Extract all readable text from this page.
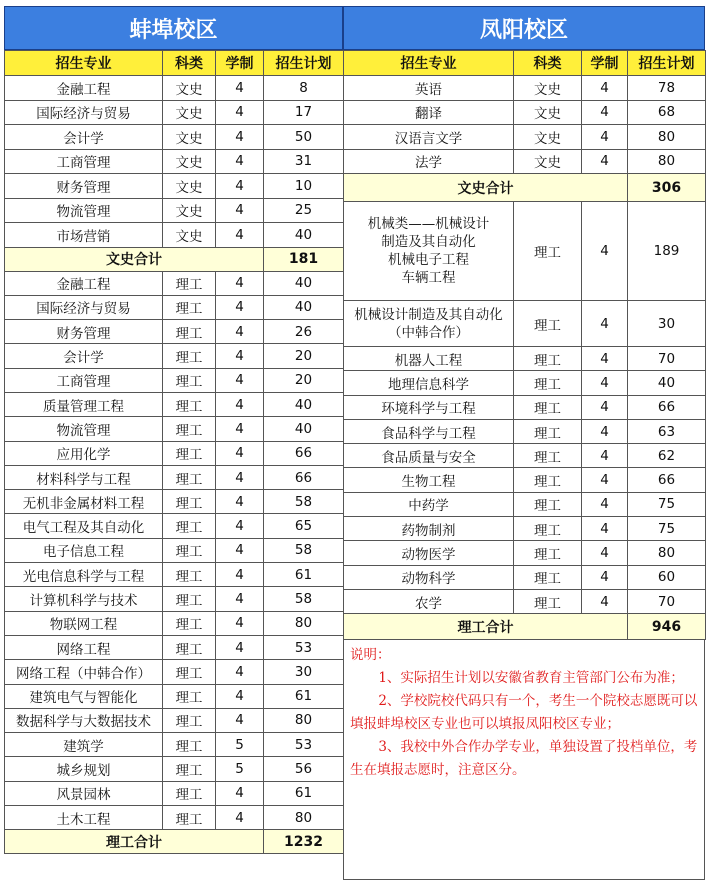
蚌埠校区
招生专业	科类	学制	招生计划
金融工程	文史	4	8
国际经济与贸易	文史	4	17
会计学	文史	4	50
工商管理	文史	4	31
财务管理	文史	4	10
物流管理	文史	4	25
市场营销	文史	4	40
文史合计			181
金融工程	理工	4	40
国际经济与贸易	理工	4	40
财务管理	理工	4	26
会计学	理工	4	20
工商管理	理工	4	20
质量管理工程	理工	4	40
物流管理	理工	4	40
应用化学	理工	4	66
材料科学与工程	理工	4	66
无机非金属材料工程	理工	4	58
电气工程及其自动化	理工	4	65
电子信息工程	理工	4	58
光电信息科学与工程	理工	4	61
计算机科学与技术	理工	4	58
物联网工程	理工	4	80
网络工程	理工	4	53
网络工程（中韩合作）	理工	4	30
建筑电气与智能化	理工	4	61
数据科学与大数据技术	理工	4	80
建筑学	理工	5	53
城乡规划	理工	5	56
风景园林	理工	4	61
土木工程	理工	4	80
理工合计			1232
凤阳校区
招生专业	科类	学制	招生计划
英语	文史	4	78
翻译	文史	4	68
汉语言文学	文史	4	80
法学	文史	4	80
文史合计			306

机械类——机械设计
制造及其自动化
机械电子工程
车辆工程	理工	4	189

机械设计制造及其自动化
（中韩合作）	理工	4	30
机器人工程	理工	4	70
地理信息科学	理工	4	40
环境科学与工程	理工	4	66
食品科学与工程	理工	4	63
食品质量与安全	理工	4	62
生物工程	理工	4	66
中药学	理工	4	75
药物制剂	理工	4	75
动物医学	理工	4	80
动物科学	理工	4	60
农学	理工	4	70
理工合计			946

说明：

1、实际招生计划以安徽省教育主管部门公布为准；

2、学校院校代码只有一个，考生一个院校志愿既可以填报蚌埠校区专业也可以填报凤阳校区专业；

3、我校中外合作办学专业，单独设置了投档单位，考生在填报志愿时，注意区分。
